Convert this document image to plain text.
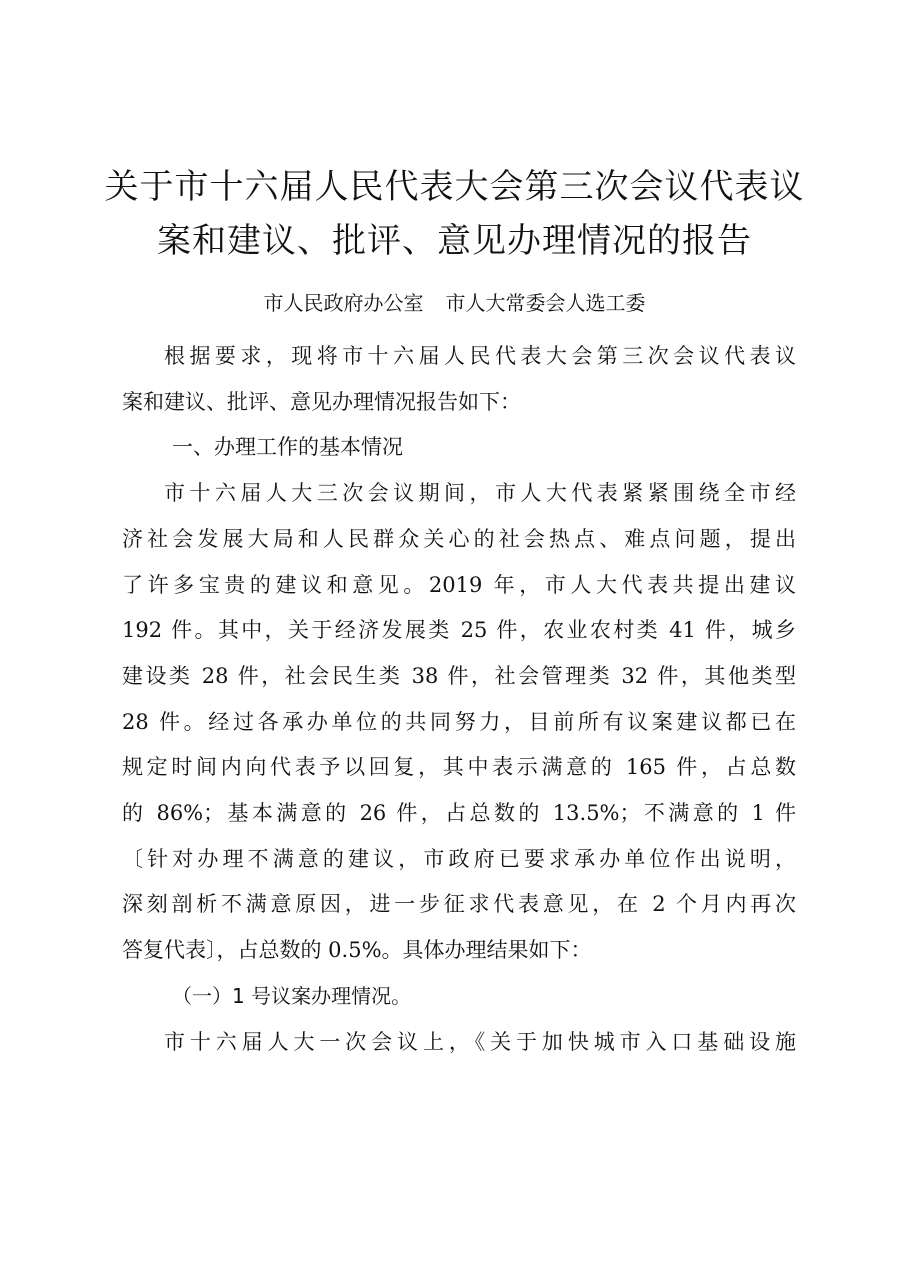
关于市十六届人民代表大会第三次会议代表议
案和建议、批评、意见办理情况的报告
市人民政府办公室 市人大常委会人选工委

根据要求，现将市十六届人民代表大会第三次会议代表议
案和建议、批评、意见办理情况报告如下：

一、办理工作的基本情况

市十六届人大三次会议期间，市人大代表紧紧围绕全市经
济社会发展大局和人民群众关心的社会热点、难点问题，提出
了许多宝贵的建议和意见。2019 年，市人大代表共提出建议
192 件。其中，关于经济发展类 25 件，农业农村类 41 件，城乡
建设类 28 件，社会民生类 38 件，社会管理类 32 件，其他类型
28 件。经过各承办单位的共同努力，目前所有议案建议都已在
规定时间内向代表予以回复，其中表示满意的 165 件，占总数
的 86%；基本满意的 26 件，占总数的 13.5%；不满意的 1 件
〔针对办理不满意的建议，市政府已要求承办单位作出说明，
深刻剖析不满意原因，进一步征求代表意见，在 2 个月内再次
答复代表〕，占总数的 0.5%。具体办理结果如下：

（一）1 号议案办理情况。

市十六届人大一次会议上，《关于加快城市入口基础设施
